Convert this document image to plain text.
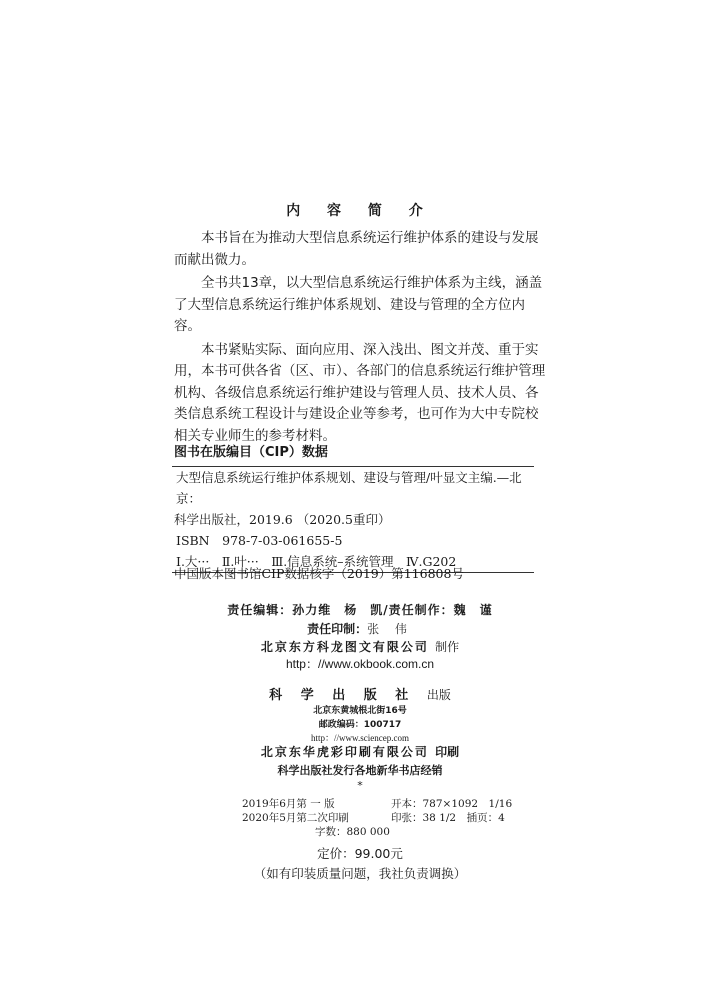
内 容 简 介

本书旨在为推动大型信息系统运行维护体系的建设与发展而献出微力。

全书共13章，以大型信息系统运行维护体系为主线，涵盖了大型信息系统运行维护体系规划、建设与管理的全方位内容。

本书紧贴实际、面向应用、深入浅出、图文并茂、重于实用，本书可供各省（区、市）、各部门的信息系统运行维护管理机构、各级信息系统运行维护建设与管理人员、技术人员、各类信息系统工程设计与建设企业等参考，也可作为大中专院校相关专业师生的参考材料。

图书在版编目（CIP）数据
大型信息系统运行维护体系规划、建设与管理/叶显文主编.—北京：
科学出版社，2019.6 （2020.5重印）
ISBN　978-7-03-061655-5
Ⅰ.大···　Ⅱ.叶···　Ⅲ.信息系统–系统管理　Ⅳ.G202
中国版本图书馆CIP数据核字（2019）第116808号
责任编辑：孙力维　杨　凯/责任制作：魏　谨
责任印制：张 伟
北京东方科龙图文有限公司 制作
http：//www.okbook.com.cn
科 学 出 版 社 出版
北京东黄城根北街16号
邮政编码：100717
http：//www.sciencep.com
北京东华虎彩印刷有限公司 印刷
科学出版社发行各地新华书店经销
*
2019年6月第 一 版	开本：787×1092　1/16
2020年5月第二次印刷	印张：38 1/2　插页：4
字数：880 000
定价：99.00元
（如有印装质量问题，我社负责调换）
